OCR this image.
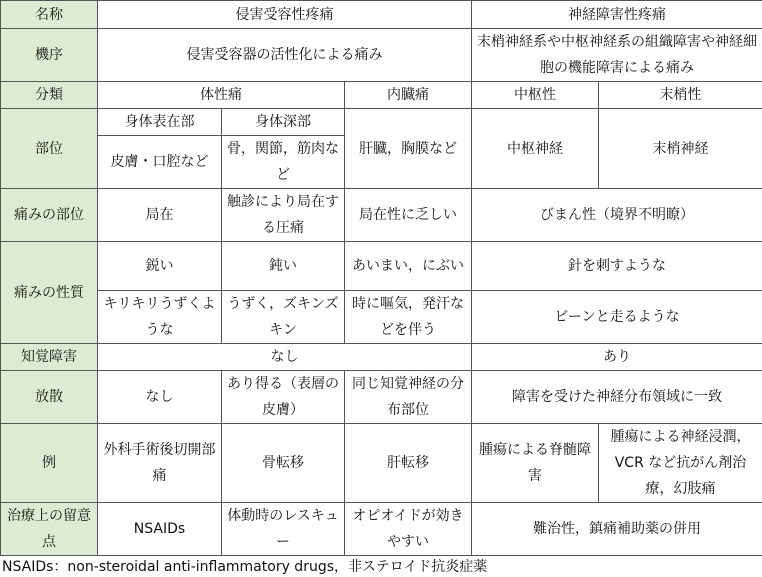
名称	侵害受容性疼痛			神経障害性疼痛	
機序	侵害受容器の活性化による痛み			末梢神経系や中枢神経系の組織障害や神経細胞の機能障害による痛み	
分類	体性痛		内臓痛	中枢性	末梢性
部位	身体表在部	身体深部	肝臓，胸膜など	中枢神経	末梢神経
	皮膚・口腔など	骨，関節，筋肉など			
痛みの部位	局在	触診により局在する圧痛	局在性に乏しい	びまん性（境界不明瞭）	
痛みの性質	鋭い	鈍い	あいまい，にぶい	針を刺すような	
	キリキリうずくような	うずく，ズキンズキン	時に嘔気，発汗などを伴う	ビーンと走るような	
知覚障害	なし			あり	
放散	なし	あり得る（表層の皮膚）	同じ知覚神経の分布部位	障害を受けた神経分布領域に一致	
例	外科手術後切開部痛	骨転移	肝転移	腫瘍による脊髄障害	腫瘍による神経浸潤，VCR など抗がん剤治療，幻肢痛
治療上の留意点	NSAIDs	体動時のレスキュー	オピオイドが効きやすい	難治性，鎮痛補助薬の併用	
NSAIDs：non-steroidal anti-inflammatory drugs，非ステロイド抗炎症薬
